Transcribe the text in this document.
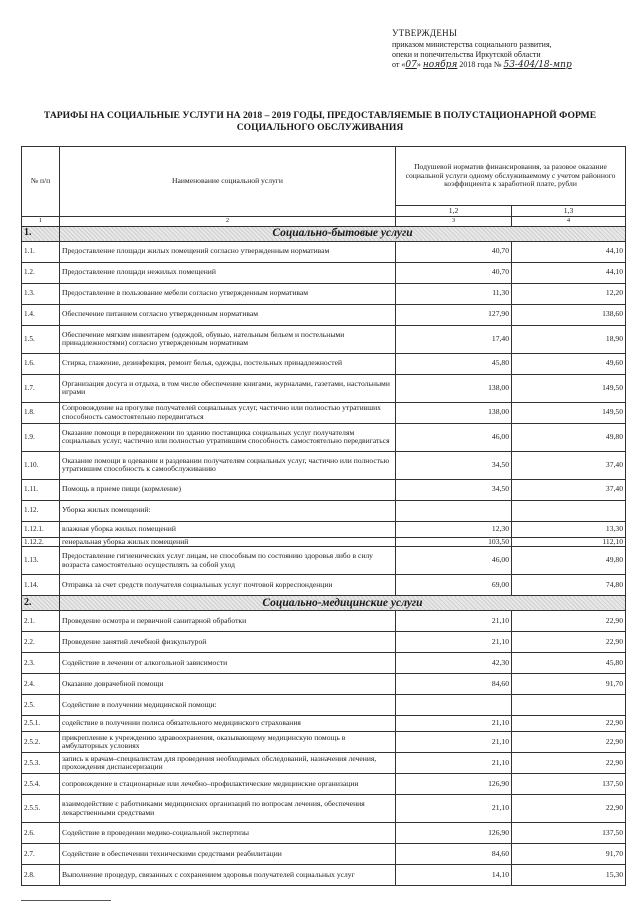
УТВЕРЖДЕНЫ
приказом министерства социального развития,
опеки и попечительства Иркутской области
от «07» ноября 2018 года № 53-404/18-мпр
ТАРИФЫ НА СОЦИАЛЬНЫЕ УСЛУГИ НА 2018 – 2019 ГОДЫ, ПРЕДОСТАВЛЯЕМЫЕ В ПОЛУСТАЦИОНАРНОЙ ФОРМЕ
СОЦИАЛЬНОГО ОБСЛУЖИВАНИЯ
№ п/п	Наименование социальной услуги	Подушевой норматив финансирования, за разовое оказание социальной услуги одному обслуживаемому с учетом районного коэффициента к заработной плате, рубли	
		1,2	1,3
1	2	3	4
1.	Социально-бытовые услуги		
1.1.	Предоставление площади жилых помещений согласно утвержденным нормативам	40,70	44,10
1.2.	Предоставление площади нежилых помещений	40,70	44,10
1.3.	Предоставление в пользование мебели согласно утвержденным нормативам	11,30	12,20
1.4.	Обеспечение питанием согласно утвержденным нормативам	127,90	138,60
1.5.	Обеспечение мягким инвентарем (одеждой, обувью, нательным бельем и постельными принадлежностями) согласно утвержденным нормативам	17,40	18,90
1.6.	Стирка, глажение, дезинфекция, ремонт белья, одежды, постельных принадлежностей	45,80	49,60
1.7.	Организация досуга и отдыха, в том числе обеспечение книгами, журналами, газетами, настольными играми	138,00	149,50
1.8.	Сопровождение на прогулке получателей социальных услуг, частично или полностью утративших способность самостоятельно передвигаться	138,00	149,50
1.9.	Оказание помощи в передвижении по зданию поставщика социальных услуг получателям социальных услуг, частично или полностью утратившим способность самостоятельно передвигаться	46,00	49,80
1.10.	Оказание помощи в одевании и раздевании получателям социальных услуг, частично или полностью утратившим способность к самообслуживанию	34,50	37,40
1.11.	Помощь в приеме пищи (кормление)	34,50	37,40
1.12.	Уборка жилых помещений:		
1.12.1.	влажная уборка жилых помещений	12,30	13,30
1.12.2.	генеральная уборка жилых помещений	103,50	112,10
1.13.	Предоставление гигиенических услуг лицам, не способным по состоянию здоровья либо в силу возраста самостоятельно осуществлять за собой уход	46,00	49,80
1.14.	Отправка за счет средств получателя социальных услуг почтовой корреспонденции	69,00	74,80
2.	Социально-медицинские услуги		
2.1.	Проведение осмотра и первичной санитарной обработки	21,10	22,90
2.2.	Проведение занятий лечебной физкультурой	21,10	22,90
2.3.	Содействие в лечении от алкогольной зависимости	42,30	45,80
2.4.	Оказание доврачебной помощи	84,60	91,70
2.5.	Содействие в получении медицинской помощи:		
2.5.1.	содействие в получении полиса обязательного медицинского страхования	21,10	22,90
2.5.2.	прикрепление к учреждению здравоохранения, оказывающему медицинскую помощь в амбулаторных условиях	21,10	22,90
2.5.3.	запись к врачам–специалистам для проведения необходимых обследований, назначения лечения, прохождения диспансеризации	21,10	22,90
2.5.4.	сопровождение в стационарные или лечебно–профилактические медицинские организации	126,90	137,50
2.5.5.	взаимодействие с работниками медицинских организаций по вопросам лечения, обеспечения лекарственными средствами	21,10	22,90
2.6.	Содействие в проведении медико-социальной экспертизы	126,90	137,50
2.7.	Содействие в обеспечении техническими средствами реабилитации	84,60	91,70
2.8.	Выполнение процедур, связанных с сохранением здоровья получателей социальных услуг	14,10	15,30
